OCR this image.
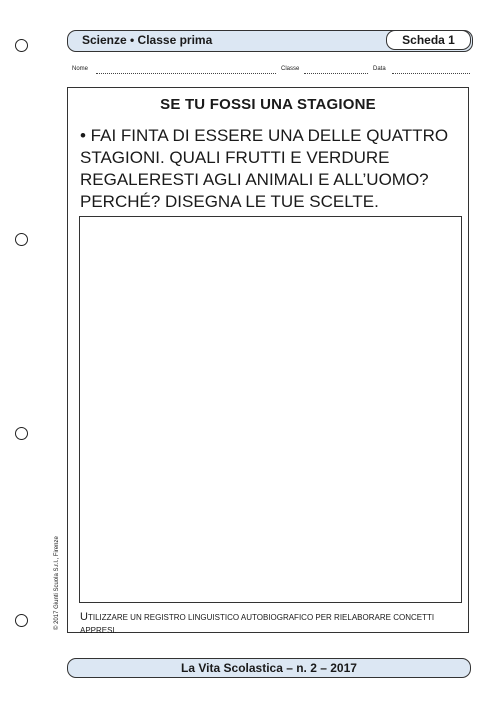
Scienze • Classe prima	Scheda 1
Nome	Classe	Data
SE TU FOSSI UNA STAGIONE
• FAI FINTA DI ESSERE UNA DELLE QUATTRO
STAGIONI. QUALI FRUTTI E VERDURE
REGALERESTI AGLI ANIMALI E ALL’UOMO?
PERCHÉ? DISEGNA LE TUE SCELTE.
UTILIZZARE UN REGISTRO LINGUISTICO AUTOBIOGRAFICO PER RIELABORARE CONCETTI APPRESI.
La Vita Scolastica – n. 2 – 2017
© 2017 Giunti Scuola S.r.l., Firenze
